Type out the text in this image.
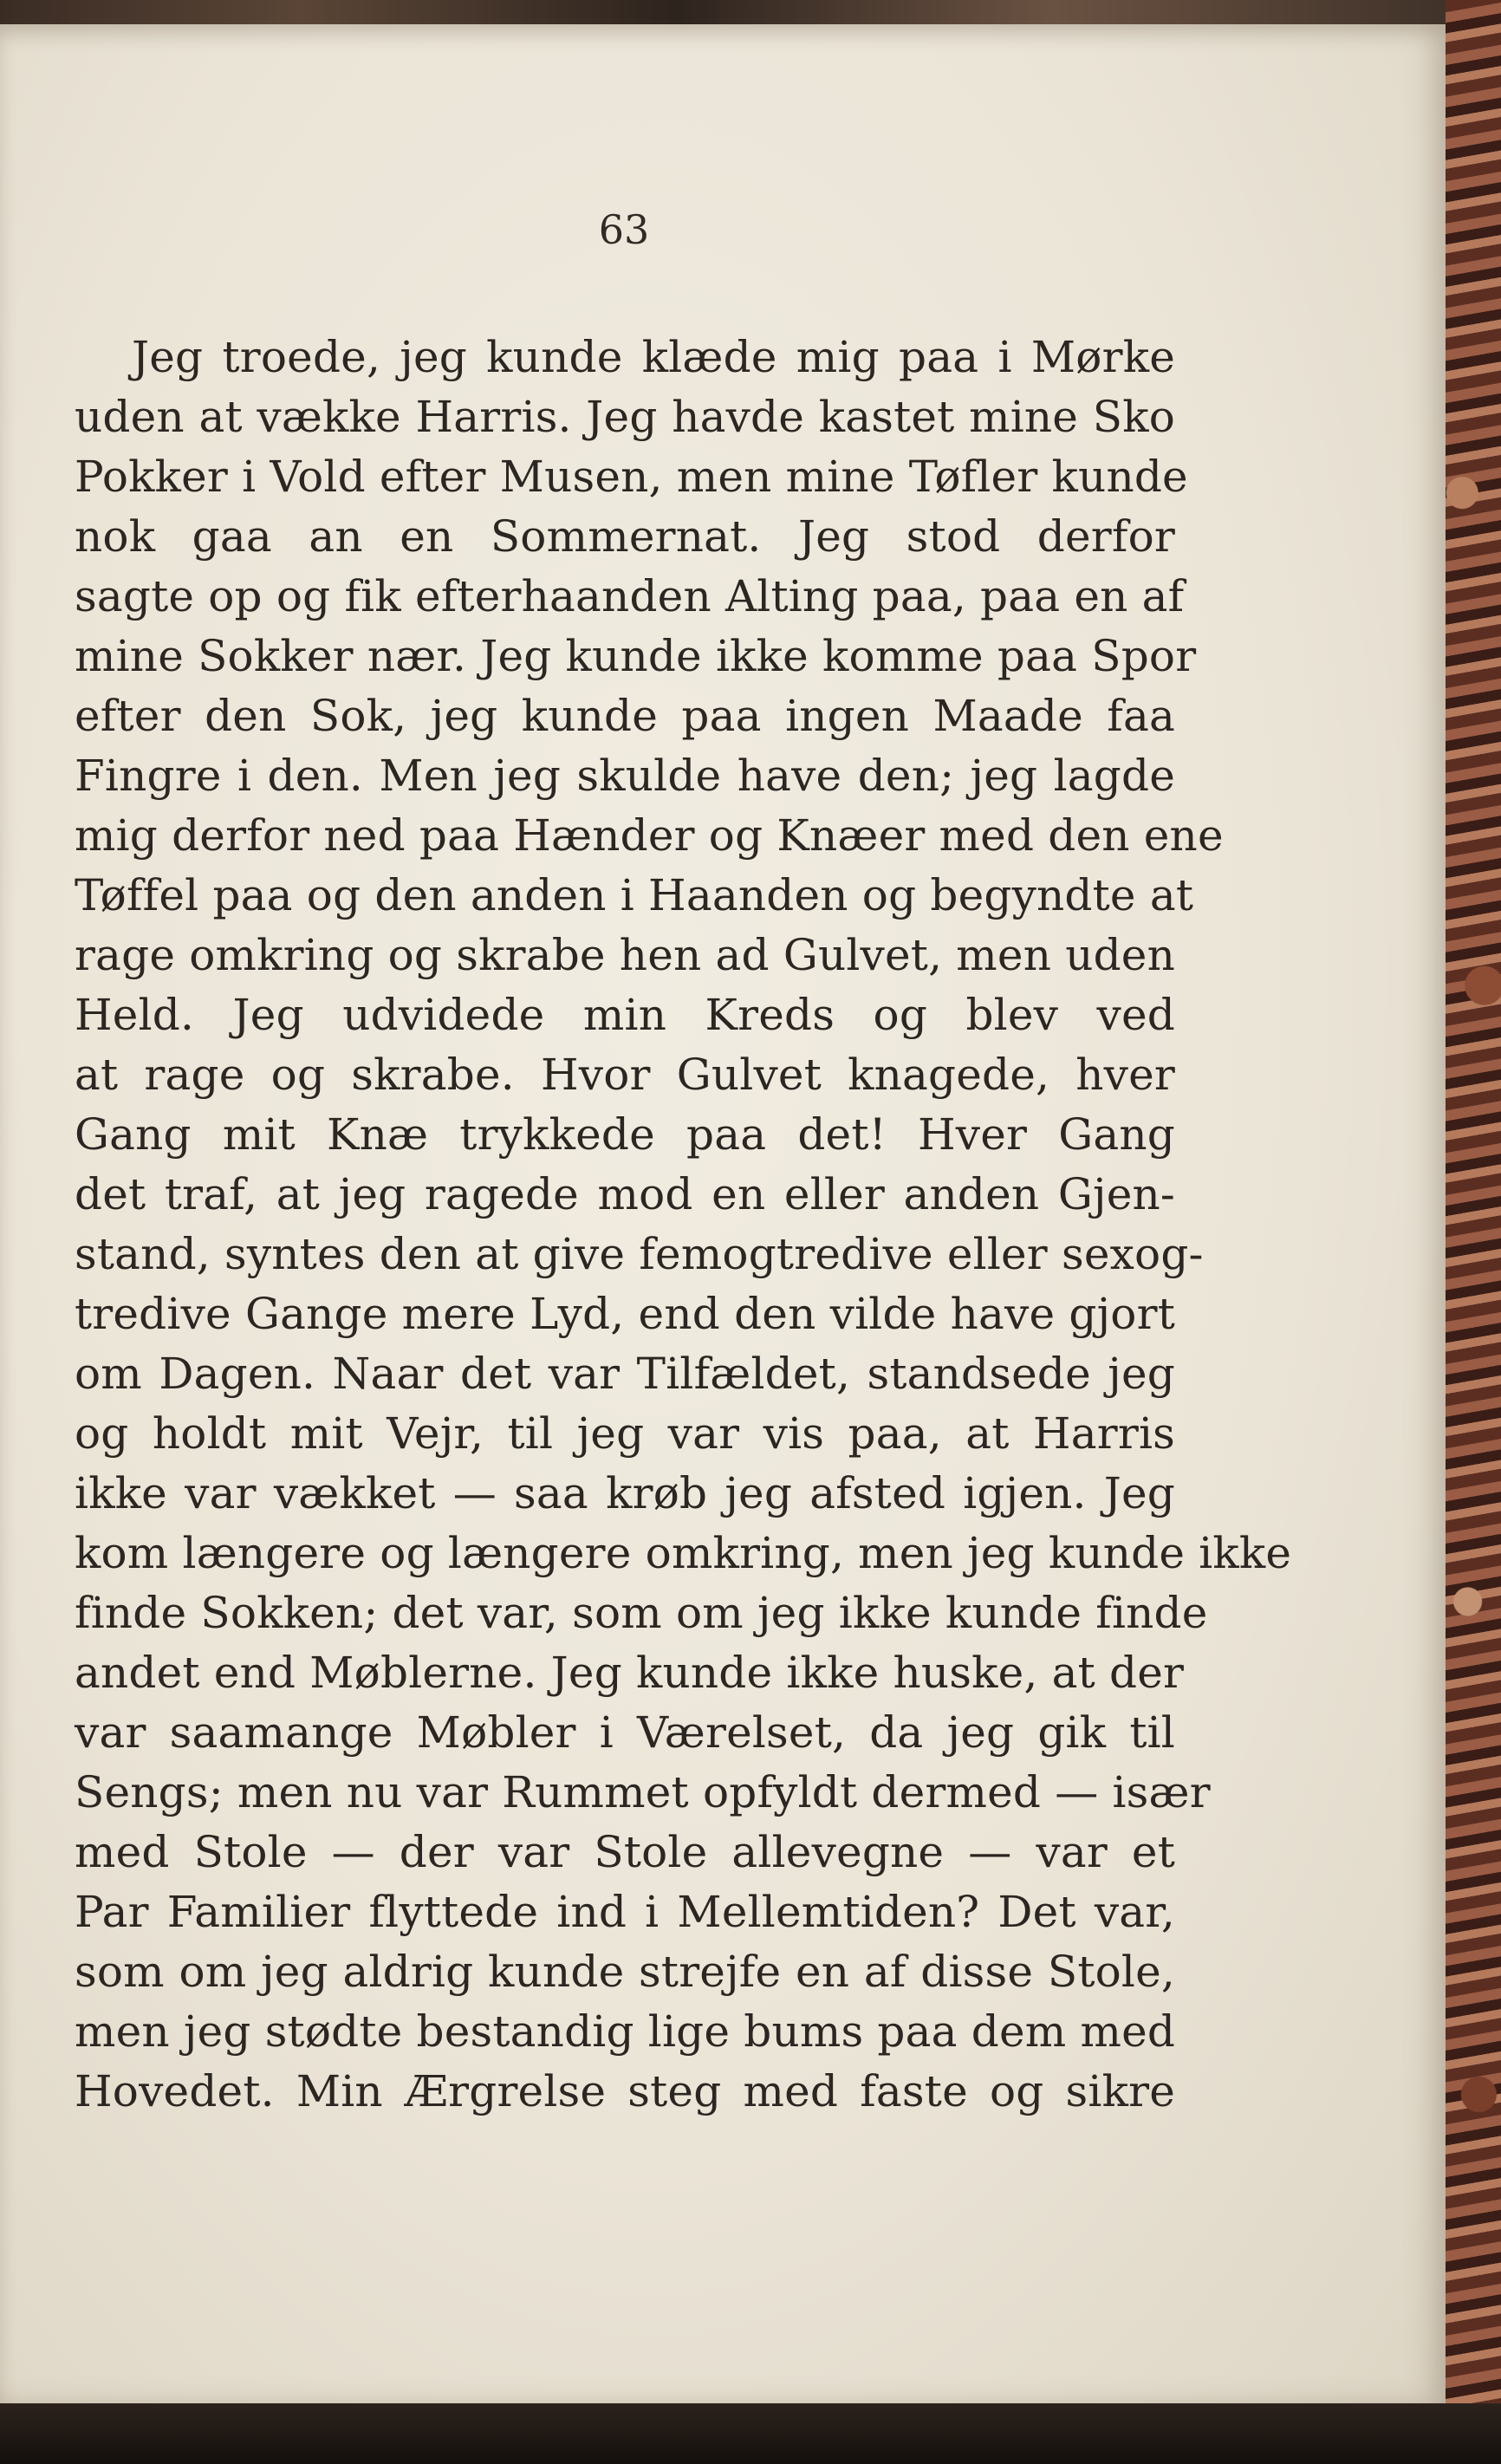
63
Jeg troede, jeg kunde klæde mig paa i Mørke
uden at vække Harris. Jeg havde kastet mine Sko
Pokker i Vold efter Musen, men mine Tøfler kunde
nok gaa an en Sommernat. Jeg stod derfor
sagte op og fik efterhaanden Alting paa, paa en af
mine Sokker nær. Jeg kunde ikke komme paa Spor
efter den Sok, jeg kunde paa ingen Maade faa
Fingre i den. Men jeg skulde have den; jeg lagde
mig derfor ned paa Hænder og Knæer med den ene
Tøffel paa og den anden i Haanden og begyndte at
rage omkring og skrabe hen ad Gulvet, men uden
Held. Jeg udvidede min Kreds og blev ved
at rage og skrabe. Hvor Gulvet knagede, hver
Gang mit Knæ trykkede paa det! Hver Gang
det traf, at jeg ragede mod en eller anden Gjen-
stand, syntes den at give femogtredive eller sexog-
tredive Gange mere Lyd, end den vilde have gjort
om Dagen. Naar det var Tilfældet, standsede jeg
og holdt mit Vejr, til jeg var vis paa, at Harris
ikke var vækket — saa krøb jeg afsted igjen. Jeg
kom længere og længere omkring, men jeg kunde ikke
finde Sokken; det var, som om jeg ikke kunde finde
andet end Møblerne. Jeg kunde ikke huske, at der
var saamange Møbler i Værelset, da jeg gik til
Sengs; men nu var Rummet opfyldt dermed — især
med Stole — der var Stole allevegne — var et
Par Familier flyttede ind i Mellemtiden? Det var,
som om jeg aldrig kunde strejfe en af disse Stole,
men jeg stødte bestandig lige bums paa dem med
Hovedet. Min Ærgrelse steg med faste og sikre
